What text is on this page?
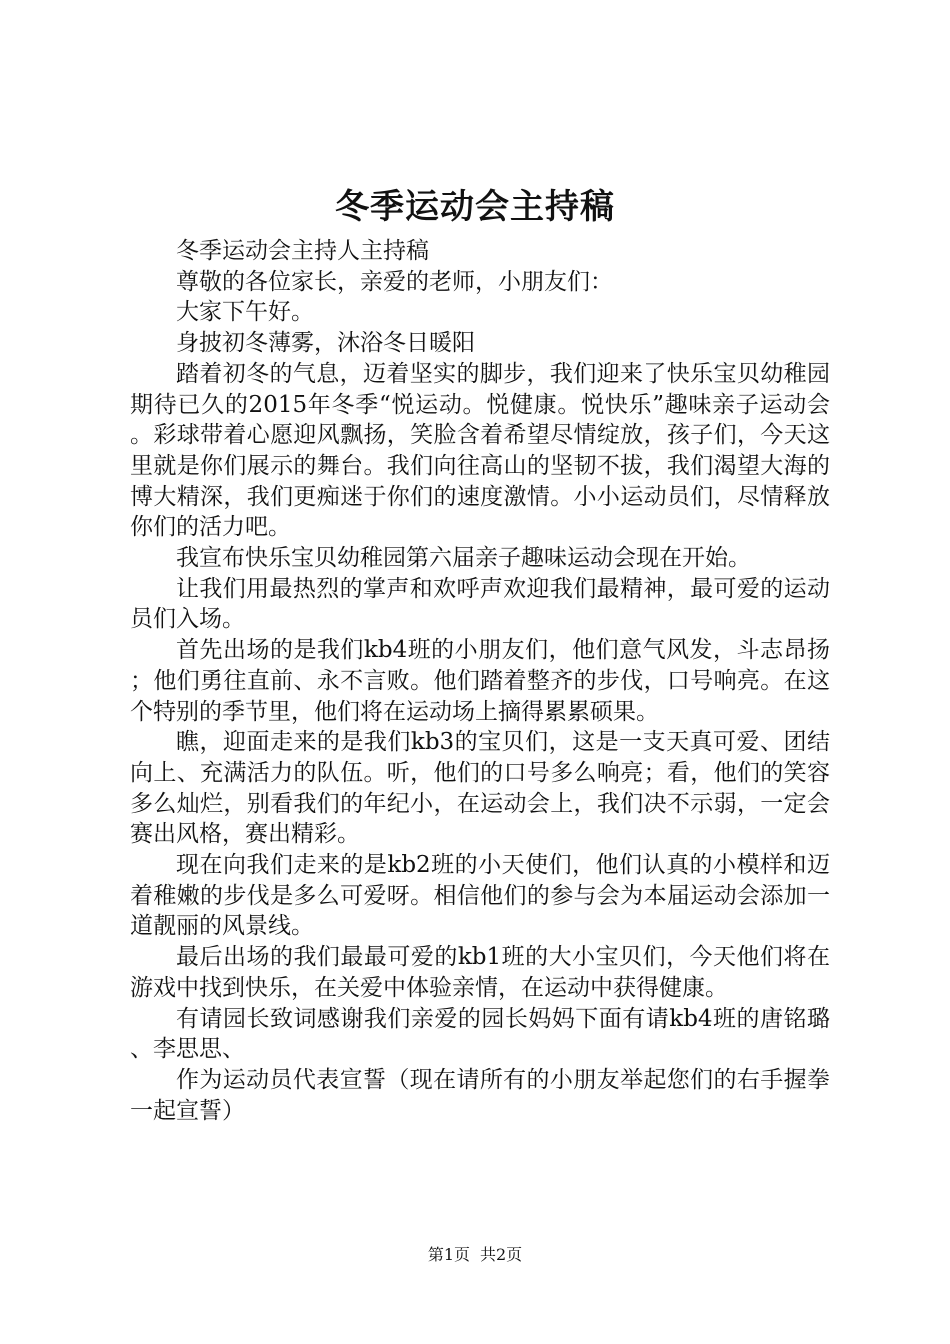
冬季运动会主持稿

冬季运动会主持人主持稿

尊敬的各位家长，亲爱的老师，小朋友们：

大家下午好。

身披初冬薄雾，沐浴冬日暖阳

踏着初冬的气息，迈着坚实的脚步，我们迎来了快乐宝贝幼稚园期待已久的2015年冬季“悦运动。悦健康。悦快乐”趣味亲子运动会。彩球带着心愿迎风飘扬，笑脸含着希望尽情绽放，孩子们，今天这里就是你们展示的舞台。我们向往高山的坚韧不拔，我们渴望大海的博大精深，我们更痴迷于你们的速度激情。小小运动员们，尽情释放你们的活力吧。

我宣布快乐宝贝幼稚园第六届亲子趣味运动会现在开始。

让我们用最热烈的掌声和欢呼声欢迎我们最精神，最可爱的运动员们入场。

首先出场的是我们kb4班的小朋友们，他们意气风发，斗志昂扬；他们勇往直前、永不言败。他们踏着整齐的步伐，口号响亮。在这个特别的季节里，他们将在运动场上摘得累累硕果。

瞧，迎面走来的是我们kb3的宝贝们，这是一支天真可爱、团结向上、充满活力的队伍。听，他们的口号多么响亮；看，他们的笑容多么灿烂，别看我们的年纪小，在运动会上，我们决不示弱，一定会赛出风格，赛出精彩。

现在向我们走来的是kb2班的小天使们，他们认真的小模样和迈着稚嫩的步伐是多么可爱呀。相信他们的参与会为本届运动会添加一道靓丽的风景线。

最后出场的我们最最可爱的kb1班的大小宝贝们，今天他们将在游戏中找到快乐，在关爱中体验亲情，在运动中获得健康。

有请园长致词感谢我们亲爱的园长妈妈下面有请kb4班的唐铭璐、李思思、

作为运动员代表宣誓（现在请所有的小朋友举起您们的右手握拳一起宣誓）

第1页 共2页
